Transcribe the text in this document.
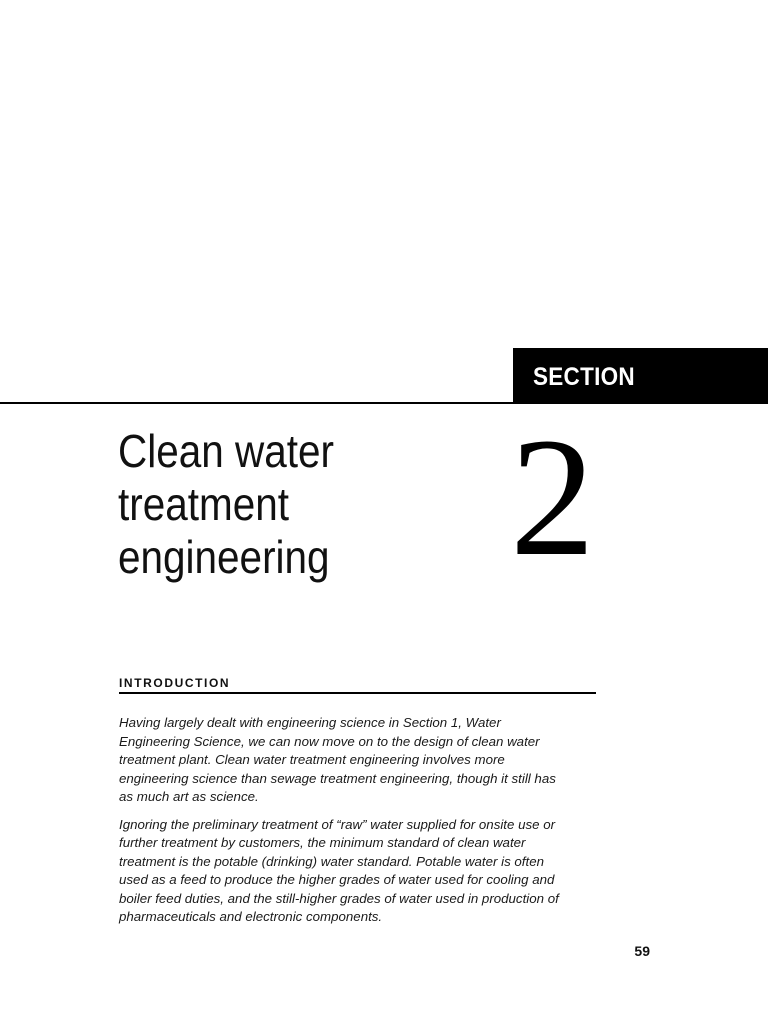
SECTION
Clean water
treatment
engineering	2
INTRODUCTION

Having largely dealt with engineering science in Section 1, Water
Engineering Science, we can now move on to the design of clean water
treatment plant. Clean water treatment engineering involves more
engineering science than sewage treatment engineering, though it still has
as much art as science.

Ignoring the preliminary treatment of “raw” water supplied for onsite use or
further treatment by customers, the minimum standard of clean water
treatment is the potable (drinking) water standard. Potable water is often
used as a feed to produce the higher grades of water used for cooling and
boiler feed duties, and the still-higher grades of water used in production of
pharmaceuticals and electronic components.

59
